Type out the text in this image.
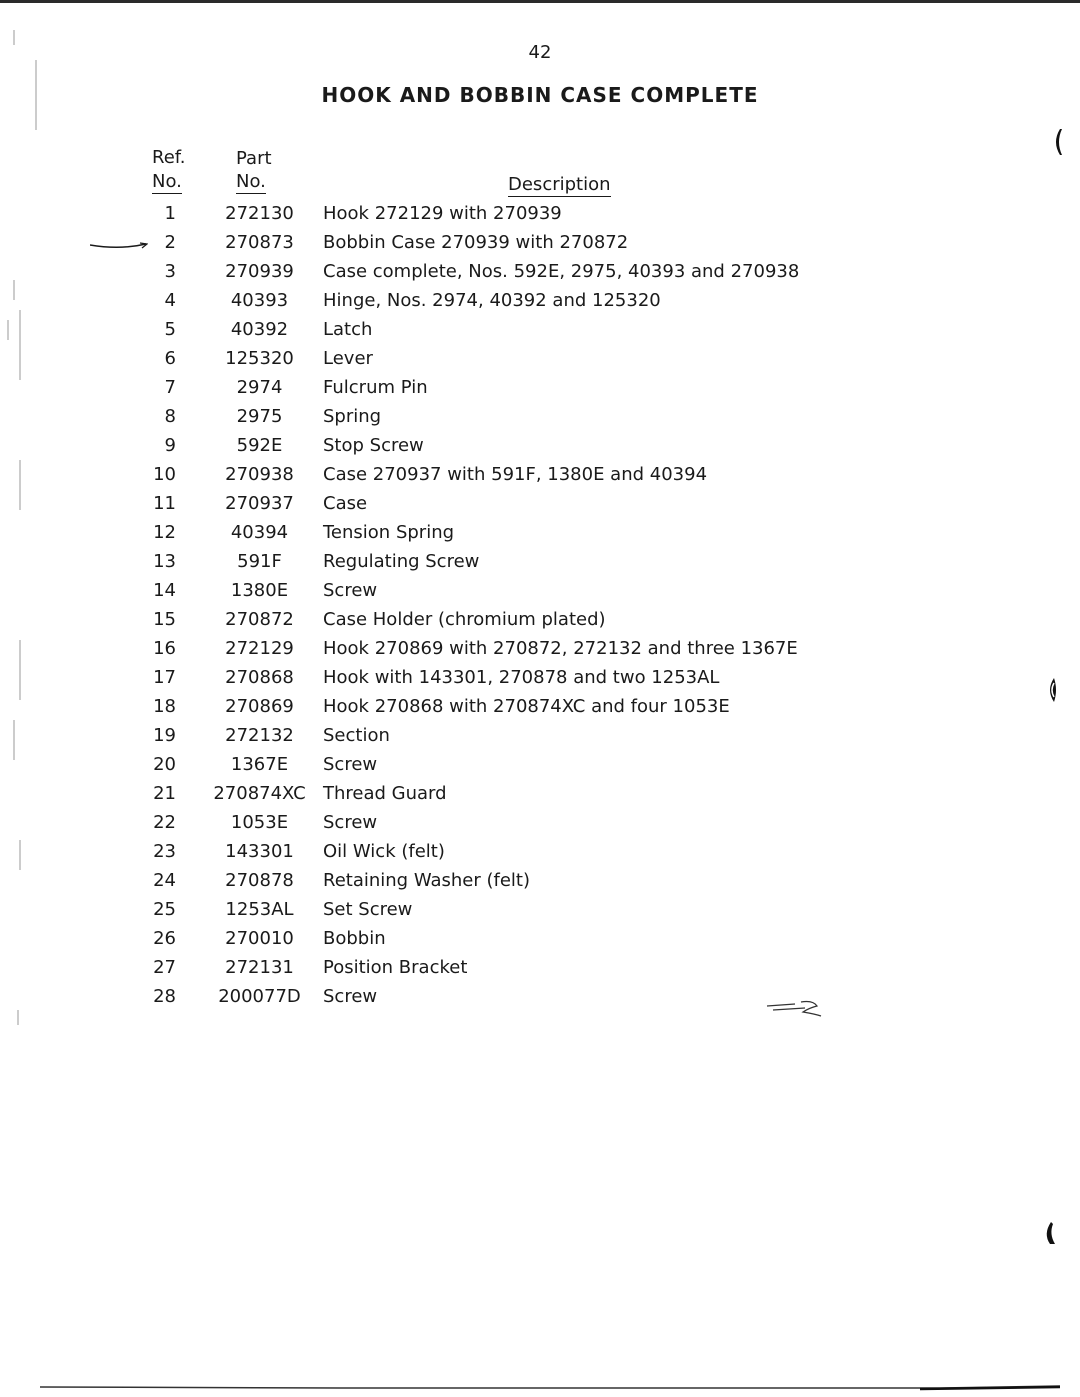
42
HOOK AND BOBBIN CASE COMPLETE
Ref.
No.
Part
No.	Description
1	272130	Hook 272129 with 270939
2	270873	Bobbin Case 270939 with 270872
3	270939	Case complete, Nos. 592E, 2975, 40393 and 270938
4	40393	Hinge, Nos. 2974, 40392 and 125320
5	40392	Latch
6	125320	Lever
7	2974	Fulcrum Pin
8	2975	Spring
9	592E	Stop Screw
10	270938	Case 270937 with 591F, 1380E and 40394
11	270937	Case
12	40394	Tension Spring
13	591F	Regulating Screw
14	1380E	Screw
15	270872	Case Holder (chromium plated)
16	272129	Hook 270869 with 270872, 272132 and three 1367E
17	270868	Hook with 143301, 270878 and two 1253AL
18	270869	Hook 270868 with 270874XC and four 1053E
19	272132	Section
20	1367E	Screw
21 270874XC Thread Guard
22	1053E	Screw
23	143301	Oil Wick (felt)
24	270878	Retaining Washer (felt)
25	1253AL	Set Screw
26	270010	Bobbin
27	272131	Position Bracket
28	200077D	Screw
